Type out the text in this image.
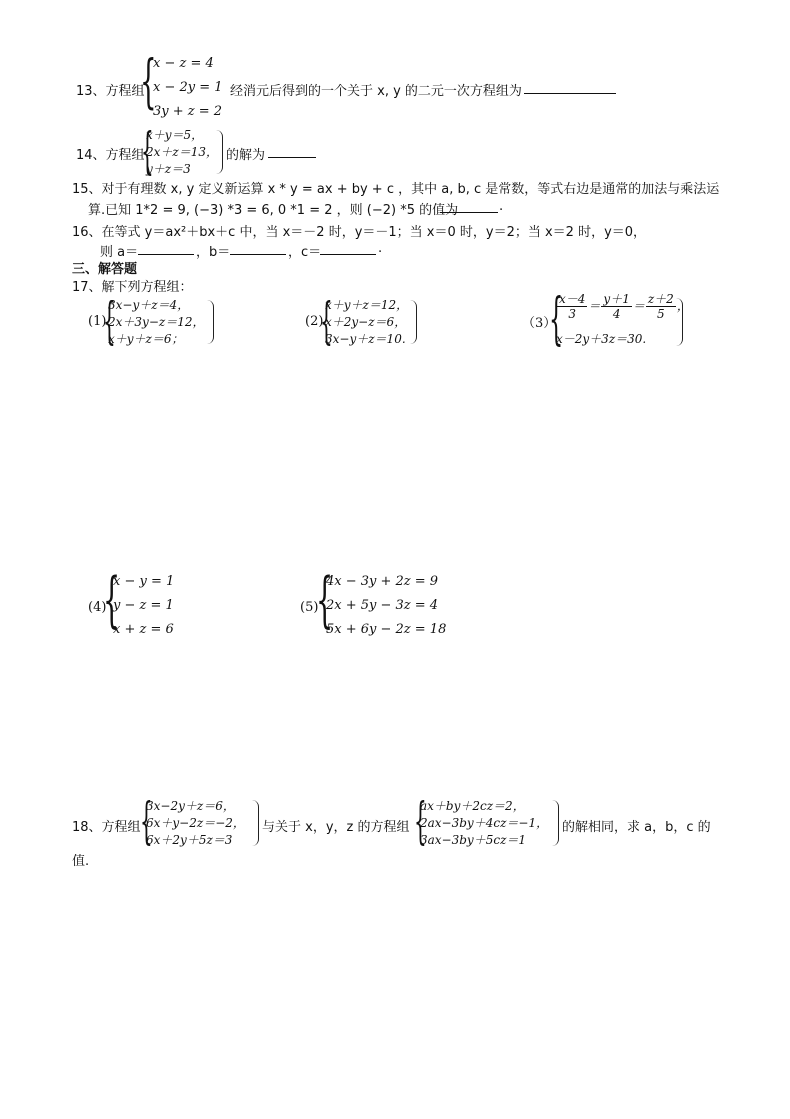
13、方程组
{
x − z = 4
x − 2y = 1 经消元后得到的一个关于 x, y 的二元一次方程组为
3y + z = 2
14、方程组
{
x＋y＝5，
2x＋z＝13，
y＋z＝3
的解为
15、对于有理数 x, y 定义新运算 x * y = ax + by + c ，其中 a, b, c 是常数，等式右边是通常的加法与乘法运
算.已知 1*2 = 9, (−3) *3 = 6, 0 *1 = 2 ，则 (−2) *5 的值为	.
16、在等式 y＝ax²＋bx＋c 中，当 x＝－2 时，y＝－1；当 x＝0 时，y＝2；当 x＝2 时，y＝0，
则 a＝	，b＝	，c＝	.
三、解答题
17、解下列方程组：
(1)
{
3x−y＋z＝4，
2x＋3y−z＝12，
x＋y＋z＝6；
(2)
{
x＋y＋z＝12，
x＋2y−z＝6，
3x−y＋z＝10.
（3）
{
$\frac{x-4}{3} = \frac{y+1}{4} = \frac{z+2}{5}$ ，
x－2y＋3z＝30.
(4)
{
x − y = 1
y − z = 1
x + z = 6
(5)
{
4x − 3y + 2z = 9
2x + 5y − 3z = 4
5x + 6y − 2z = 18
18、方程组 {
3x−2y＋z＝6，
6x＋y−2z＝−2，
6x＋2y＋5z＝3
与关于 x，y，z 的方程组 {
ax＋by＋2cz＝2，
2ax−3by＋4cz＝−1，
3ax−3by＋5cz＝1
的解相同，求 a，b，c 的
值.
